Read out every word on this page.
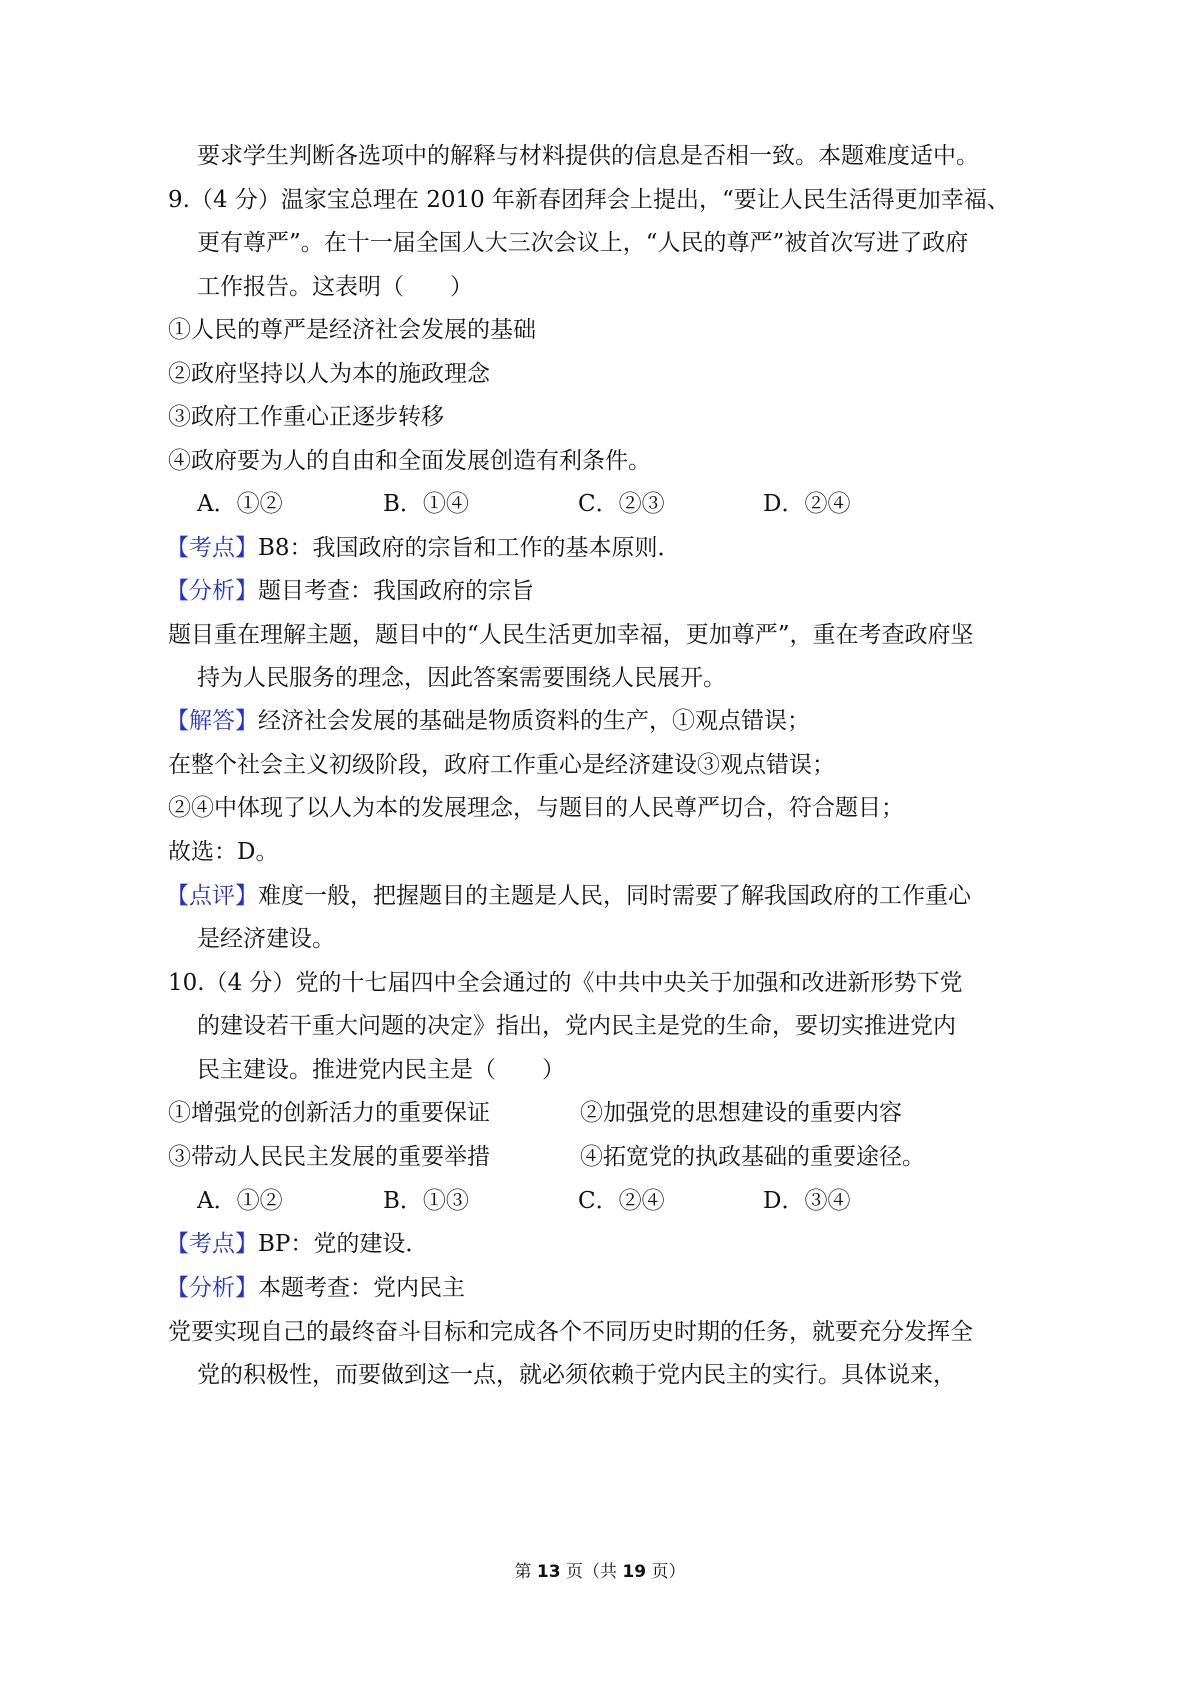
要求学生判断各选项中的解释与材料提供的信息是否相一致。本题难度适中。
9.（4 分）温家宝总理在 2010 年新春团拜会上提出，“要让人民生活得更加幸福、
更有尊严”。在十一届全国人大三次会议上，“人民的尊严”被首次写进了政府
工作报告。这表明（　　）
①人民的尊严是经济社会发展的基础
②政府坚持以人为本的施政理念
③政府工作重心正逐步转移
④政府要为人的自由和全面发展创造有利条件。
A．①②	B．①④	C．②③	D．②④
【考点】 B8：我国政府的宗旨和工作的基本原则．
【分析】 题目考查：我国政府的宗旨
题目重在理解主题，题目中的“人民生活更加幸福，更加尊严”，重在考查政府坚
持为人民服务的理念，因此答案需要围绕人民展开。
【解答】 经济社会发展的基础是物质资料的生产，①观点错误；
在整个社会主义初级阶段，政府工作重心是经济建设③观点错误；
②④中体现了以人为本的发展理念，与题目的人民尊严切合，符合题目；
故选：D。
【点评】 难度一般，把握题目的主题是人民，同时需要了解我国政府的工作重心
是经济建设。
10.（4 分）党的十七届四中全会通过的《中共中央关于加强和改进新形势下党
的建设若干重大问题的决定》指出，党内民主是党的生命，要切实推进党内
民主建设。推进党内民主是（　　）
①增强党的创新活力的重要保证	②加强党的思想建设的重要内容
③带动人民民主发展的重要举措	④拓宽党的执政基础的重要途径。
A．①②	B．①③	C．②④	D．③④
【考点】 BP：党的建设．
【分析】 本题考查：党内民主
党要实现自己的最终奋斗目标和完成各个不同历史时期的任务，就要充分发挥全
党的积极性，而要做到这一点，就必须依赖于党内民主的实行。具体说来，
第 13 页（共 19 页）
